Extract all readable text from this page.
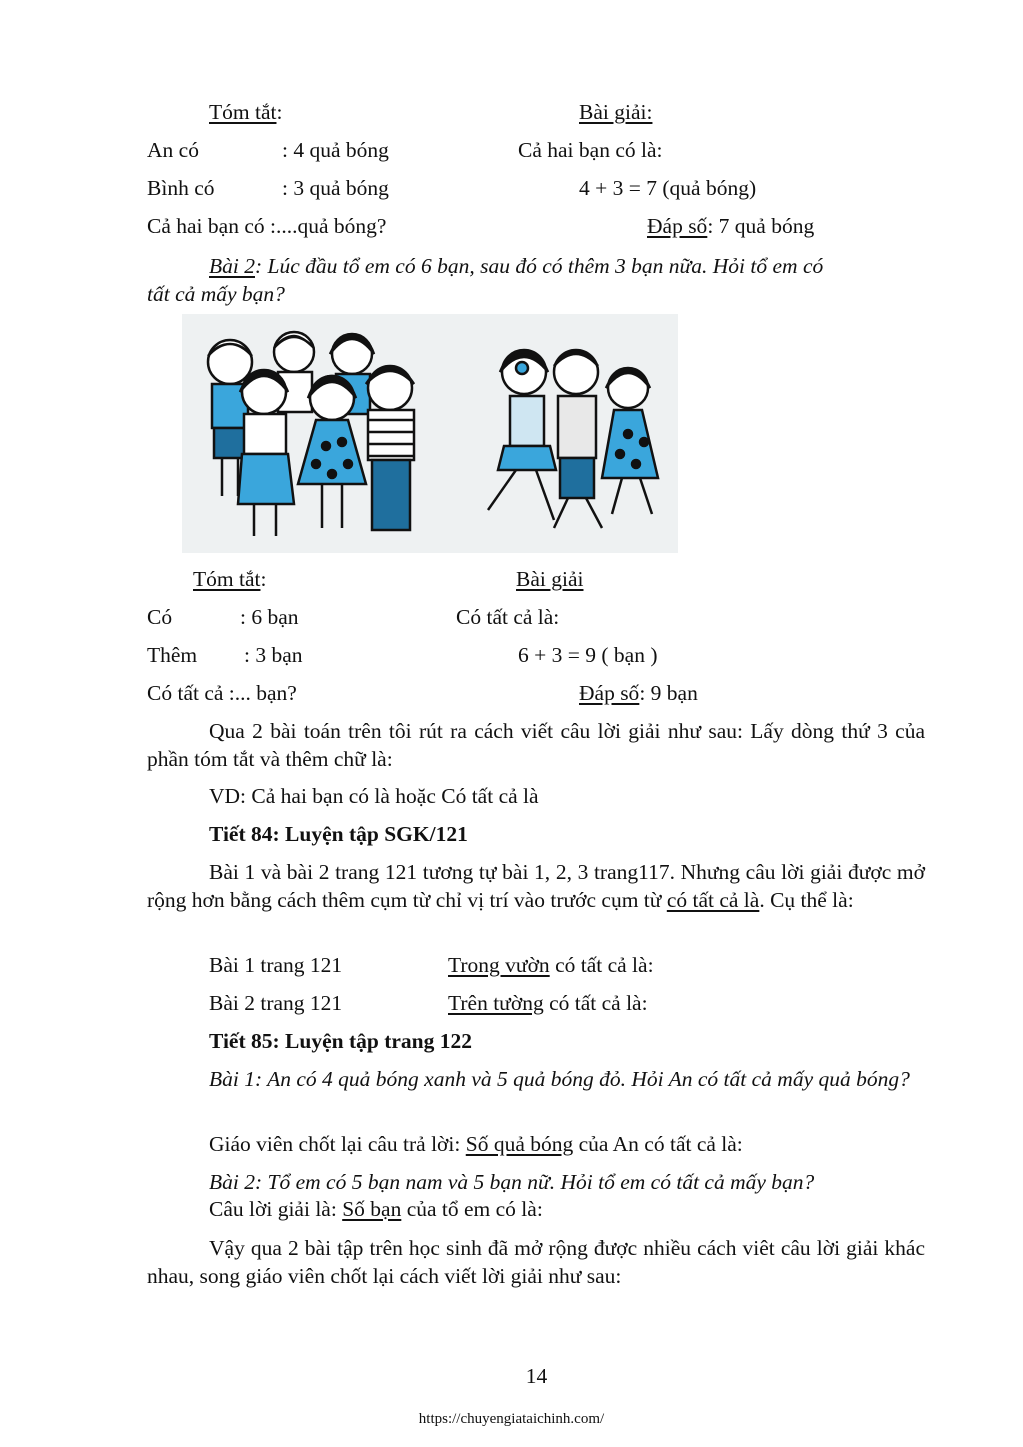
Tóm tắt:	Bài giải:
An có	: 4 quả bóng	Cả hai bạn có là:
Bình có	: 3 quả bóng	4 + 3 = 7 (quả bóng)
Cả hai bạn có :....quả bóng?	Đáp số: 7 quả bóng
Bài 2: Lúc đầu tổ em có 6 bạn, sau đó có thêm 3 bạn nữa. Hỏi tổ em có
tất cả mấy bạn?
Tóm tắt:	Bài giải
Có	: 6 bạn	Có tất cả là:
Thêm : 3 bạn	6 + 3 = 9 ( bạn )
Có tất cả :... bạn?	Đáp số: 9 bạn
Qua 2 bài toán trên tôi rút ra cách viết câu lời giải như sau: Lấy dòng thứ 3 của phần tóm tắt và thêm chữ là:
VD: Cả hai bạn có là hoặc Có tất cả là
Tiết 84: Luyện tập SGK/121
Bài 1 và bài 2 trang 121 tương tự bài 1, 2, 3 trang117. Nhưng câu lời giải được mở rộng hơn bằng cách thêm cụm từ chỉ vị trí vào trước cụm từ có tất cả là. Cụ thể là:
Bài 1 trang 121	Trong vườn có tất cả là:
Bài 2 trang 121	Trên tường có tất cả là:
Tiết 85: Luyện tập trang 122
Bài 1: An có 4 quả bóng xanh và 5 quả bóng đỏ. Hỏi An có tất cả mấy quả bóng?
Giáo viên chốt lại câu trả lời: Số quả bóng của An có tất cả là:
Bài 2: Tổ em có 5 bạn nam và 5 bạn nữ. Hỏi tổ em có tất cả mấy bạn?
Câu lời giải là: Số bạn của tổ em có là:
Vậy qua 2 bài tập trên học sinh đã mở rộng được nhiều cách viêt câu lời giải khác nhau, song giáo viên chốt lại cách viết lời giải như sau:
14
https://chuyengiataichinh.com/
